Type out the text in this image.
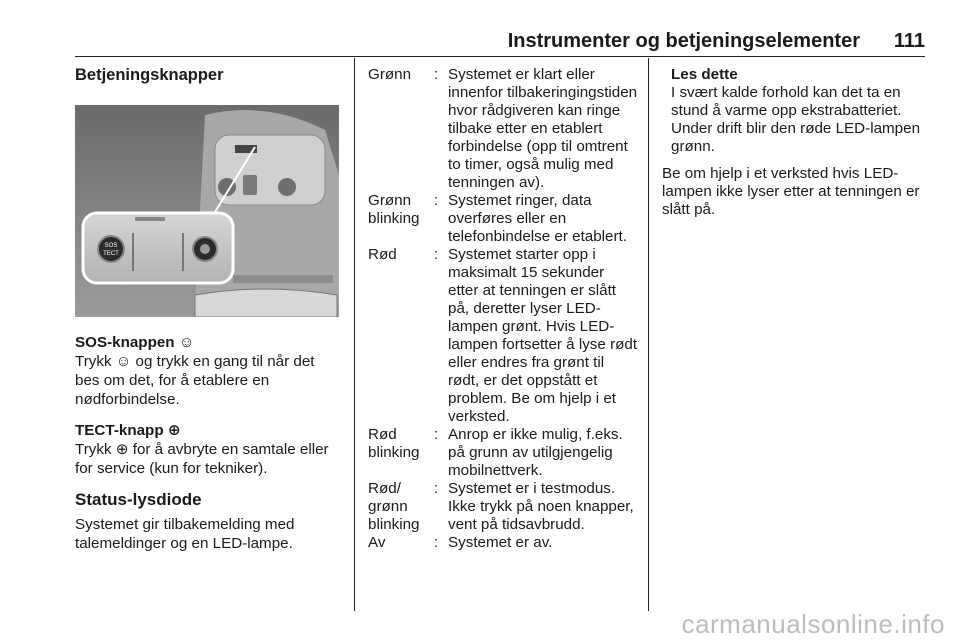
Instrumenter og betjeningselementer 111
Betjeningsknapper
SOS
TECT

SOS-knappen ☺

Trykk ☺ og trykk en gang til når det bes om det, for å etablere en nødforbindelse.

TECT-knapp ⊕

Trykk ⊕ for å avbryte en samtale eller for service (kun for tekniker).

Status-lysdiode

Systemet gir tilbakemelding med talemeldinger og en LED-lampe.

Grønn	: Systemet er klart eller innenfor tilbakeringingstiden hvor rådgiveren kan ringe tilbake etter en etablert forbindelse (opp til omtrent to timer, også mulig med tenningen av).
Grønn blinking
: Systemet ringer, data overføres eller en telefonbindelse er etablert.
Rød	: Systemet starter opp i maksimalt 15 sekunder etter at tenningen er slått på, deretter lyser LED-lampen grønt. Hvis LED-lampen fortsetter å lyse rødt eller endres fra grønt til rødt, er det oppstått et problem. Be om hjelp i et verksted.
Rød blinking
: Anrop er ikke mulig, f.eks. på grunn av utilgjengelig mobilnettverk.
Rød/ grønn blinking
: Systemet er i testmodus. Ikke trykk på noen knapper, vent på tidsavbrudd.
Av	: Systemet er av.
Les dette
I svært kalde forhold kan det ta en stund å varme opp ekstrabatteriet. Under drift blir den røde LED-lampen grønn.

Be om hjelp i et verksted hvis LED-lampen ikke lyser etter at tenningen er slått på.

carmanualsonline.info
